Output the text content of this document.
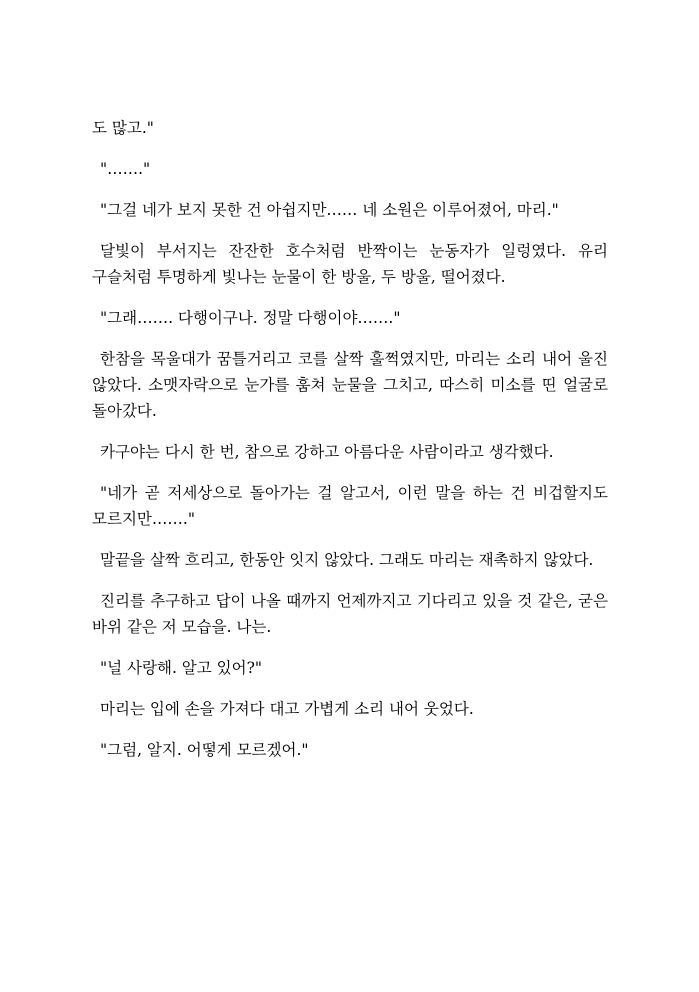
도 많고."

"……."

"그걸 네가 보지 못한 건 아쉽지만…… 네 소원은 이루어졌어, 마리."

달빛이 부서지는 잔잔한 호수처럼 반짝이는 눈동자가 일렁였다. 유리 구슬처럼 투명하게 빛나는 눈물이 한 방울, 두 방울, 떨어졌다.

"그래……. 다행이구나. 정말 다행이야……."

한참을 목울대가 꿈틀거리고 코를 살짝 훌쩍였지만, 마리는 소리 내어 울진 않았다. 소맷자락으로 눈가를 훔쳐 눈물을 그치고, 따스히 미소를 띤 얼굴로 돌아갔다.

카구야는 다시 한 번, 참으로 강하고 아름다운 사람이라고 생각했다.

"네가 곧 저세상으로 돌아가는 걸 알고서, 이런 말을 하는 건 비겁할지도 모르지만……."

말끝을 살짝 흐리고, 한동안 잇지 않았다. 그래도 마리는 재촉하지 않았다.

진리를 추구하고 답이 나올 때까지 언제까지고 기다리고 있을 것 같은, 굳은 바위 같은 저 모습을. 나는.

"널 사랑해. 알고 있어?"

마리는 입에 손을 가져다 대고 가볍게 소리 내어 웃었다.

"그럼, 알지. 어떻게 모르겠어."
